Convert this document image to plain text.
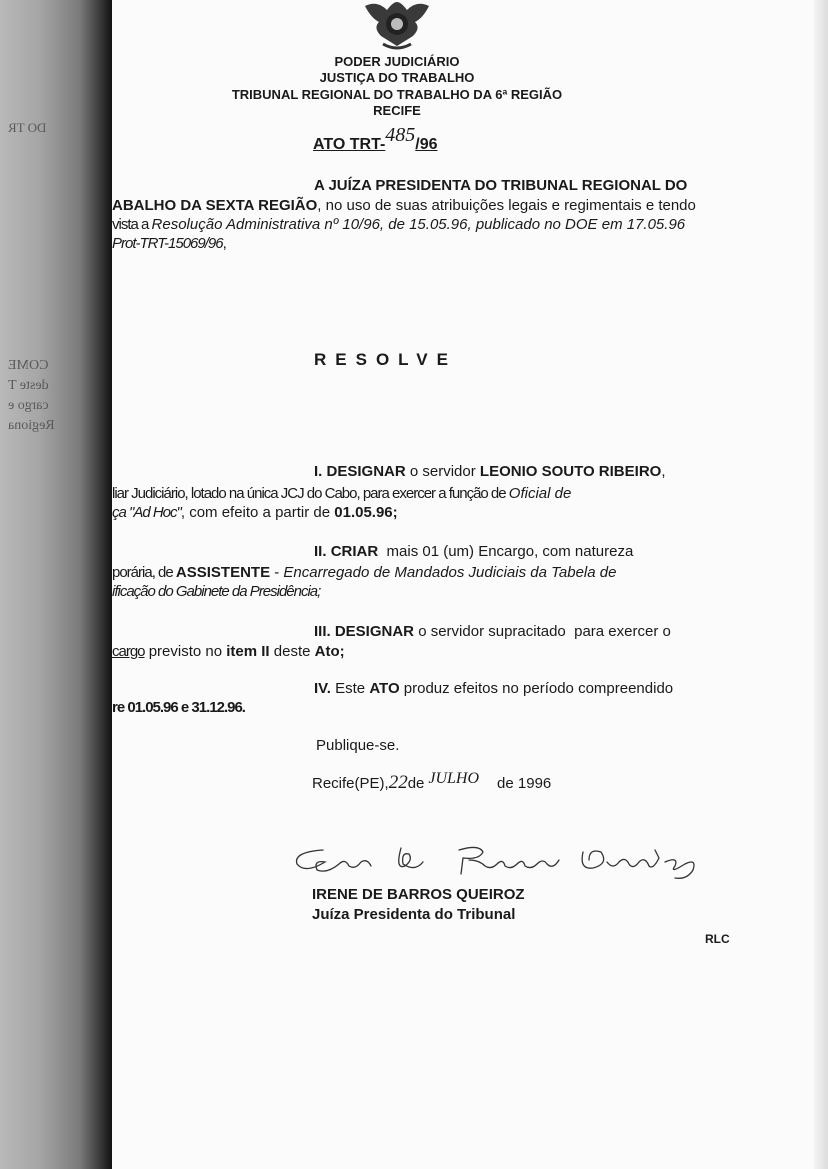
DO TR
COME
deste T
cargo e
Regiona
PODER JUDICIÁRIO
JUSTIÇA DO TRABALHO
TRIBUNAL REGIONAL DO TRABALHO DA 6ª REGIÃO
RECIFE
ATO TRT-485/96
A JUÍZA PRESIDENTA DO TRIBUNAL REGIONAL DO
ABALHO DA SEXTA REGIÃO, no uso de suas atribuições legais e regimentais e tendo
vista a Resolução Administrativa nº 10/96, de 15.05.96, publicado no DOE em 17.05.96
Prot-TRT-15069/96,
RESOLVE
I. DESIGNAR o servidor LEONIO SOUTO RIBEIRO,
liar Judiciário, lotado na única JCJ do Cabo, para exercer a função de Oficial de
ça "Ad Hoc", com efeito a partir de 01.05.96;
II. CRIAR  mais 01 (um) Encargo, com natureza
porária, de ASSISTENTE - Encarregado de Mandados Judiciais da Tabela de
ificação do Gabinete da Presidência;
III. DESIGNAR o servidor supracitado  para exercer o
cargo previsto no item II deste Ato;
IV. Este ATO produz efeitos no período compreendido
re 01.05.96 e 31.12.96.
Publique-se.
Recife(PE),22de JULHO de 1996
IRENE DE BARROS QUEIROZ
Juíza Presidenta do Tribunal
RLC
